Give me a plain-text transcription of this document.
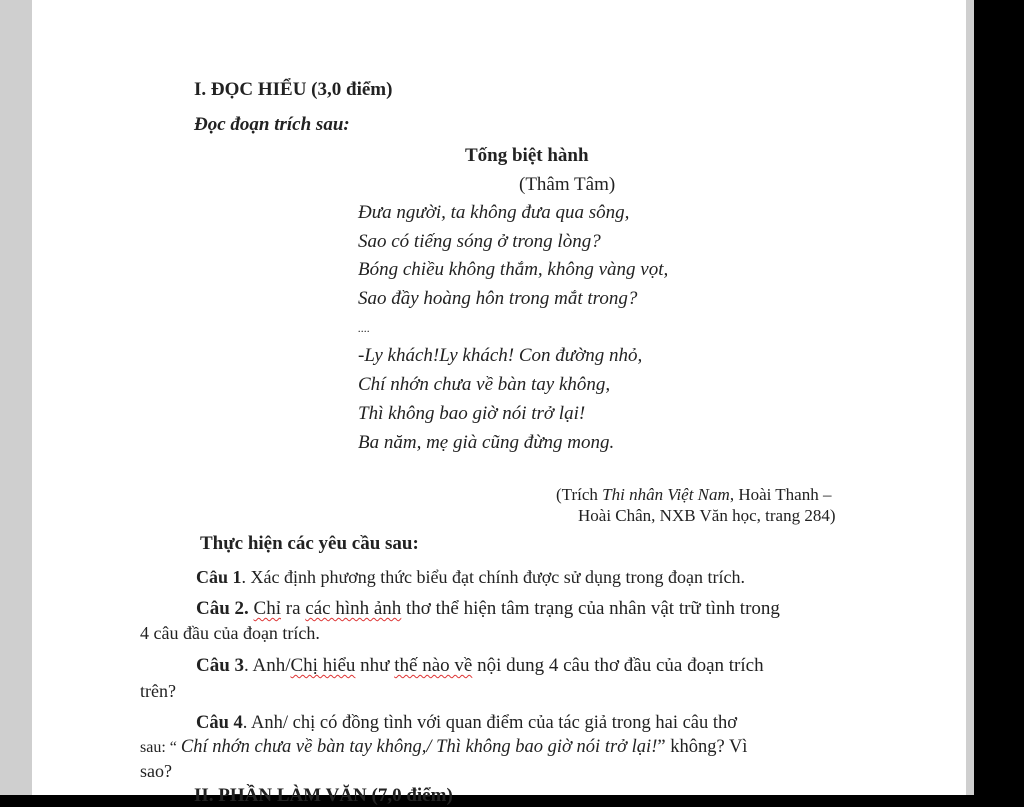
I. ĐỌC HIỂU (3,0 điểm)
Đọc đoạn trích sau:
Tống biệt hành
(Thâm Tâm)
Đưa người, ta không đưa qua sông,
Sao có tiếng sóng ở trong lòng?
Bóng chiều không thắm, không vàng vọt,
Sao đầy hoàng hôn trong mắt trong?
....
-Ly khách!Ly khách! Con đường nhỏ,
Chí nhớn chưa về bàn tay không,
Thì không bao giờ nói trở lại!
Ba năm, mẹ già cũng đừng mong.
(Trích Thi nhân Việt Nam, Hoài Thanh –
Hoài Chân, NXB Văn học, trang 284)
Thực hiện các yêu cầu sau:
Câu 1. Xác định phương thức biểu đạt chính được sử dụng trong đoạn trích.
Câu 2. Chỉ ra các hình ảnh thơ thể hiện tâm trạng của nhân vật trữ tình trong
4 câu đầu của đoạn trích.
Câu 3. Anh/Chị hiểu như thế nào về nội dung 4 câu thơ đầu của đoạn trích
trên?
Câu 4. Anh/ chị có đồng tình với quan điểm của tác giả trong hai câu thơ
sau: “ Chí nhớn chưa về bàn tay không,/ Thì không bao giờ nói trở lại!” không? Vì
sao?
II. PHẦN LÀM VĂN (7,0 điểm)
